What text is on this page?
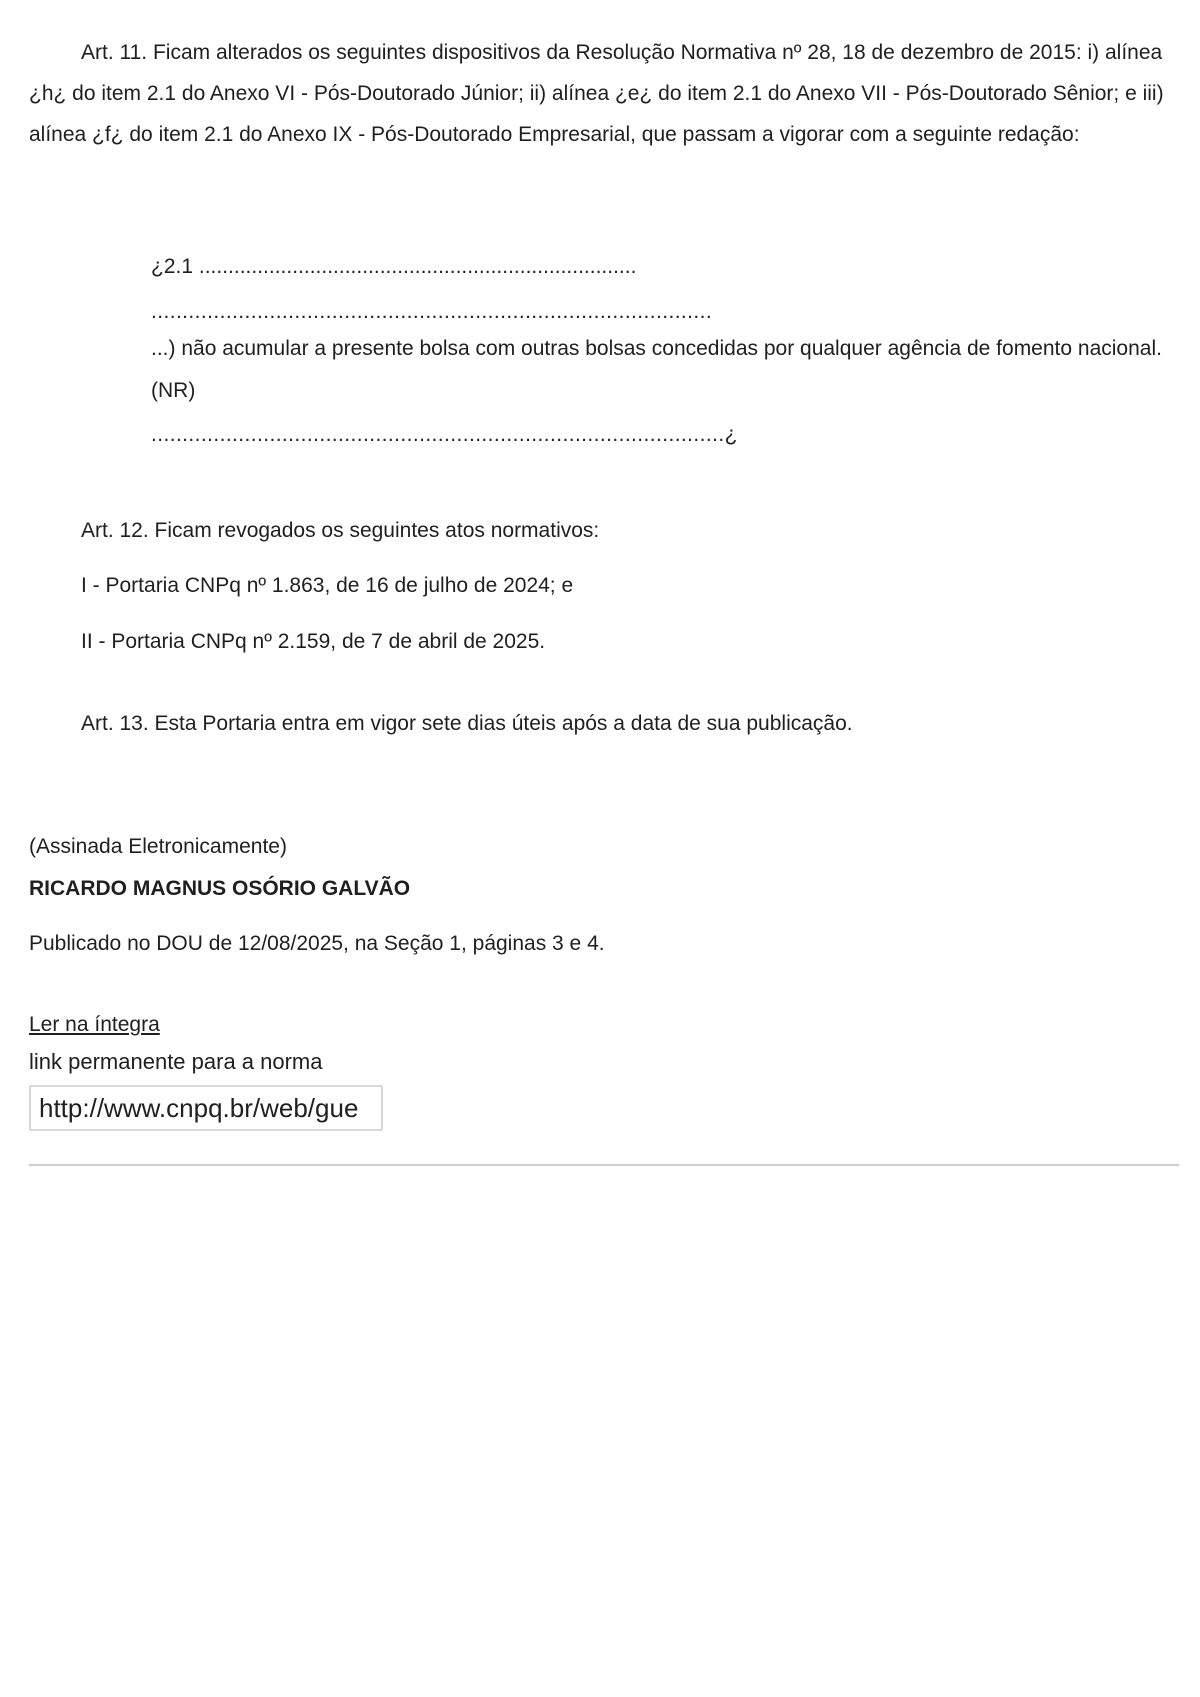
Art. 11. Ficam alterados os seguintes dispositivos da Resolução Normativa nº 28, 18 de dezembro de 2015: i) alínea ¿h¿ do item 2.1 do Anexo VI - Pós-Doutorado Júnior; ii) alínea ¿e¿ do item 2.1 do Anexo VII - Pós-Doutorado Sênior; e iii) alínea ¿f¿ do item 2.1 do Anexo IX - Pós-Doutorado Empresarial, que passam a vigorar com a seguinte redação:

¿2.1 ...........................................................................

..........................................................................................

...) não acumular a presente bolsa com outras bolsas concedidas por qualquer agência de fomento nacional.

(NR)

............................................................................................¿

Art. 12. Ficam revogados os seguintes atos normativos:

I - Portaria CNPq nº 1.863, de 16 de julho de 2024; e

II - Portaria CNPq nº 2.159, de 7 de abril de 2025.

Art. 13. Esta Portaria entra em vigor sete dias úteis após a data de sua publicação.

(Assinada Eletronicamente)

RICARDO MAGNUS OSÓRIO GALVÃO

Publicado no DOU de 12/08/2025, na Seção 1, páginas 3 e 4.

Ler na íntegra

link permanente para a norma

http://www.cnpq.br/web/gue
